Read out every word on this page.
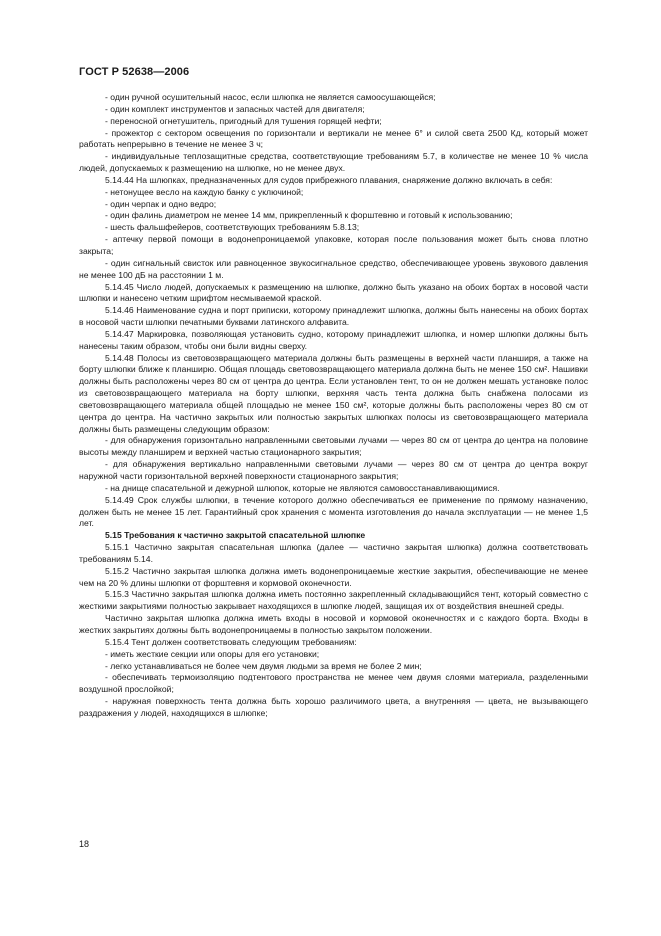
ГОСТ Р 52638—2006

- один ручной осушительный насос, если шлюпка не является самоосушающейся;

- один комплект инструментов и запасных частей для двигателя;

- переносной огнетушитель, пригодный для тушения горящей нефти;

- прожектор с сектором освещения по горизонтали и вертикали не менее 6° и силой света 2500 Кд, который может работать непрерывно в течение не менее 3 ч;

- индивидуальные теплозащитные средства, соответствующие требованиям 5.7, в количестве не менее 10 % числа людей, допускаемых к размещению на шлюпке, но не менее двух.

5.14.44 На шлюпках, предназначенных для судов прибрежного плавания, снаряжение должно включать в себя:

- нетонущее весло на каждую банку с уключиной;

- один черпак и одно ведро;

- один фалинь диаметром не менее 14 мм, прикрепленный к форштевню и готовый к использованию;

- шесть фальшфейеров, соответствующих требованиям 5.8.13;

- аптечку первой помощи в водонепроницаемой упаковке, которая после пользования может быть снова плотно закрыта;

- один сигнальный свисток или равноценное звукосигнальное средство, обеспечивающее уровень звукового давления не менее 100 дБ на расстоянии 1 м.

5.14.45 Число людей, допускаемых к размещению на шлюпке, должно быть указано на обоих бортах в носовой части шлюпки и нанесено четким шрифтом несмываемой краской.

5.14.46 Наименование судна и порт приписки, которому принадлежит шлюпка, должны быть нанесены на обоих бортах в носовой части шлюпки печатными буквами латинского алфавита.

5.14.47 Маркировка, позволяющая установить судно, которому принадлежит шлюпка, и номер шлюпки должны быть нанесены таким образом, чтобы они были видны сверху.

5.14.48 Полосы из световозвращающего материала должны быть размещены в верхней части планширя, а также на борту шлюпки ближе к планширю. Общая площадь световозвращающего материала должна быть не менее 150 см². Нашивки должны быть расположены через 80 см от центра до центра. Если установлен тент, то он не должен мешать установке полос из световозвращающего материала на борту шлюпки, верхняя часть тента должна быть снабжена полосами из световозвращающего материала общей площадью не менее 150 см², которые должны быть расположены через 80 см от центра до центра. На частично закрытых или полностью закрытых шлюпках полосы из световозвращающего материала должны быть размещены следующим образом:

- для обнаружения горизонтально направленными световыми лучами — через 80 см от центра до центра на половине высоты между планширем и верхней частью стационарного закрытия;

- для обнаружения вертикально направленными световыми лучами — через 80 см от центра до центра вокруг наружной части горизонтальной верхней поверхности стационарного закрытия;

- на днище спасательной и дежурной шлюпок, которые не являются самовосстанавливающимися.

5.14.49 Срок службы шлюпки, в течение которого должно обеспечиваться ее применение по прямому назначению, должен быть не менее 15 лет. Гарантийный срок хранения с момента изготовления до начала эксплуатации — не менее 1,5 лет.

5.15 Требования к частично закрытой спасательной шлюпке

5.15.1 Частично закрытая спасательная шлюпка (далее — частично закрытая шлюпка) должна соответствовать требованиям 5.14.

5.15.2 Частично закрытая шлюпка должна иметь водонепроницаемые жесткие закрытия, обеспечивающие не менее чем на 20 % длины шлюпки от форштевня и кормовой оконечности.

5.15.3 Частично закрытая шлюпка должна иметь постоянно закрепленный складывающийся тент, который совместно с жесткими закрытиями полностью закрывает находящихся в шлюпке людей, защищая их от воздействия внешней среды.

Частично закрытая шлюпка должна иметь входы в носовой и кормовой оконечностях и с каждого борта. Входы в жестких закрытиях должны быть водонепроницаемы в полностью закрытом положении.

5.15.4 Тент должен соответствовать следующим требованиям:

- иметь жесткие секции или опоры для его установки;

- легко устанавливаться не более чем двумя людьми за время не более 2 мин;

- обеспечивать термоизоляцию подтентового пространства не менее чем двумя слоями материала, разделенными воздушной прослойкой;

- наружная поверхность тента должна быть хорошо различимого цвета, а внутренняя — цвета, не вызывающего раздражения у людей, находящихся в шлюпке;

18
